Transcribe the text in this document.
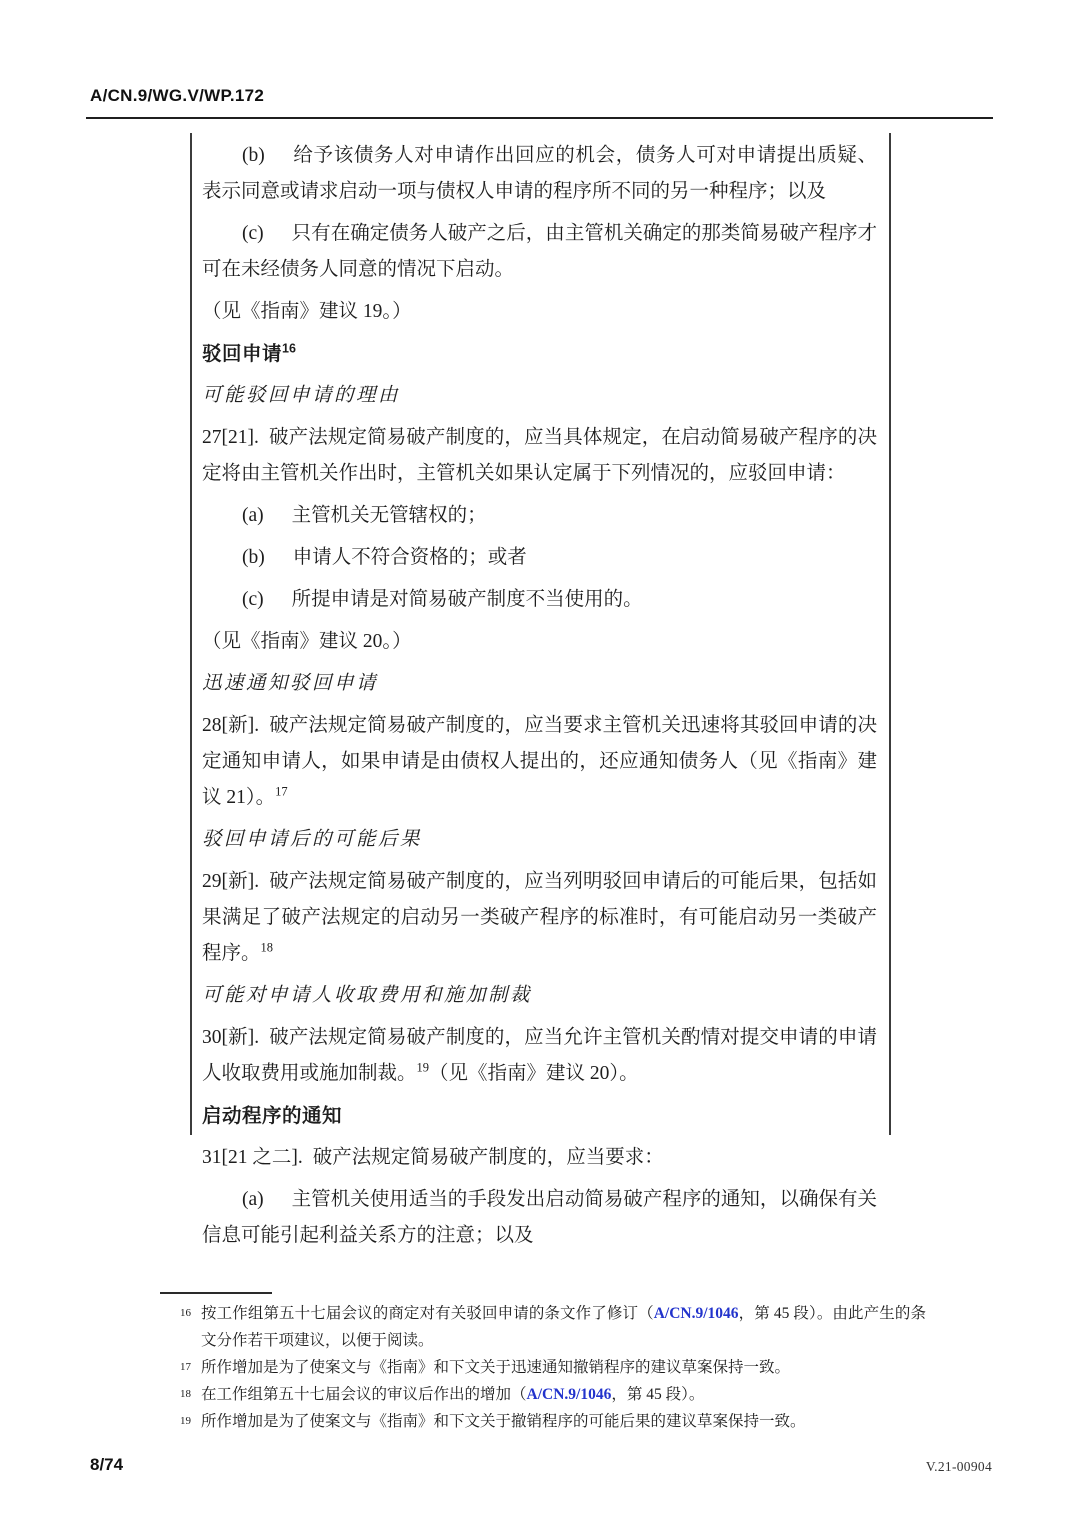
A/CN.9/WG.V/WP.172

(b) 给予该债务人对申请作出回应的机会，债务人可对申请提出质疑、表示同意或请求启动一项与债权人申请的程序所不同的另一种程序；以及

(c) 只有在确定债务人破产之后，由主管机关确定的那类简易破产程序才可在未经债务人同意的情况下启动。

（见《指南》建议 19。）

驳回申请$^{16}$

可能驳回申请的理由

27[21]. 破产法规定简易破产制度的，应当具体规定，在启动简易破产程序的决定将由主管机关作出时，主管机关如果认定属于下列情况的，应驳回申请：

(a) 主管机关无管辖权的；

(b) 申请人不符合资格的；或者

(c) 所提申请是对简易破产制度不当使用的。

（见《指南》建议 20。）

迅速通知驳回申请

28[新]. 破产法规定简易破产制度的，应当要求主管机关迅速将其驳回申请的决定通知申请人，如果申请是由债权人提出的，还应通知债务人（见《指南》建议 21）。$^{17}$

驳回申请后的可能后果

29[新]. 破产法规定简易破产制度的，应当列明驳回申请后的可能后果，包括如果满足了破产法规定的启动另一类破产程序的标准时，有可能启动另一类破产程序。$^{18}$

可能对申请人收取费用和施加制裁

30[新]. 破产法规定简易破产制度的，应当允许主管机关酌情对提交申请的申请人收取费用或施加制裁。$^{19}$（见《指南》建议 20）。

启动程序的通知

31[21 之二]. 破产法规定简易破产制度的，应当要求：

(a) 主管机关使用适当的手段发出启动简易破产程序的通知，以确保有关信息可能引起利益关系方的注意；以及

16 按工作组第五十七届会议的商定对有关驳回申请的条文作了修订（A/CN.9/1046，第 45 段）。由此产生的条文分作若干项建议，以便于阅读。
17 所作增加是为了使案文与《指南》和下文关于迅速通知撤销程序的建议草案保持一致。
18 在工作组第五十七届会议的审议后作出的增加（A/CN.9/1046，第 45 段）。
19 所作增加是为了使案文与《指南》和下文关于撤销程序的可能后果的建议草案保持一致。
8/74	V.21-00904
